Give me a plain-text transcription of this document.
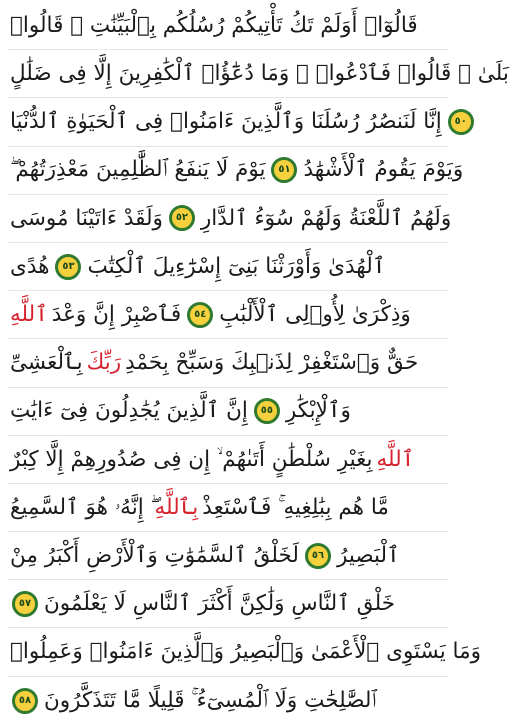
قَالُوٓا۟ أَوَلَمْ تَكُ تَأْتِيكُمْ رُسُلُكُم بِٱلْبَيِّنَٰتِ ۖ قَالُوا۟
بَلَىٰ ۚ قَالُوا۟ فَٱدْعُوا۟ ۗ وَمَا دُعَٰٓؤُا۟ ٱلْكَٰفِرِينَ إِلَّا فِى ضَلَٰلٍ
٥٠
إِنَّا لَنَنصُرُ رُسُلَنَا وَٱلَّذِينَ ءَامَنُوا۟ فِى ٱلْحَيَوٰةِ ٱلدُّنْيَا
وَيَوْمَ يَقُومُ ٱلْأَشْهَٰدُ
٥١
يَوْمَ لَا يَنفَعُ ٱلظَّٰلِمِينَ مَعْذِرَتُهُمْ ۖ
وَلَهُمُ ٱللَّعْنَةُ وَلَهُمْ سُوٓءُ ٱلدَّارِ
٥٢
وَلَقَدْ ءَاتَيْنَا مُوسَى
ٱلْهُدَىٰ وَأَوْرَثْنَا بَنِىٓ إِسْرَٰٓءِيلَ ٱلْكِتَٰبَ
٥٣
هُدًى
وَذِكْرَىٰ لِأُو۟لِى ٱلْأَلْبَٰبِ
٥٤
فَٱصْبِرْ إِنَّ وَعْدَ
ٱللَّهِ
حَقٌّ وَٱسْتَغْفِرْ لِذَنۢبِكَ وَسَبِّحْ بِحَمْدِ
رَبِّكَ
بِٱلْعَشِىِّ
وَٱلْإِبْكَٰرِ
٥٥
إِنَّ ٱلَّذِينَ يُجَٰدِلُونَ فِىٓ ءَايَٰتِ
ٱللَّهِ
بِغَيْرِ سُلْطَٰنٍ أَتَىٰهُمْ ۙ إِن فِى صُدُورِهِمْ إِلَّا كِبْرٌ
مَّا هُم بِبَٰلِغِيهِ ۚ فَٱسْتَعِذْ
بِٱللَّهِ
ۖ إِنَّهُۥ هُوَ ٱلسَّمِيعُ
ٱلْبَصِيرُ
٥٦
لَخَلْقُ ٱلسَّمَٰوَٰتِ وَٱلْأَرْضِ أَكْبَرُ مِنْ
خَلْقِ ٱلنَّاسِ وَلَٰكِنَّ أَكْثَرَ ٱلنَّاسِ لَا يَعْلَمُونَ
٥٧
وَمَا يَسْتَوِى ٱلْأَعْمَىٰ وَٱلْبَصِيرُ وَٱلَّذِينَ ءَامَنُوا۟ وَعَمِلُوا۟
ٱلصَّٰلِحَٰتِ وَلَا ٱلْمُسِىٓءُ ۚ قَلِيلًا مَّا تَتَذَكَّرُونَ
٥٨
